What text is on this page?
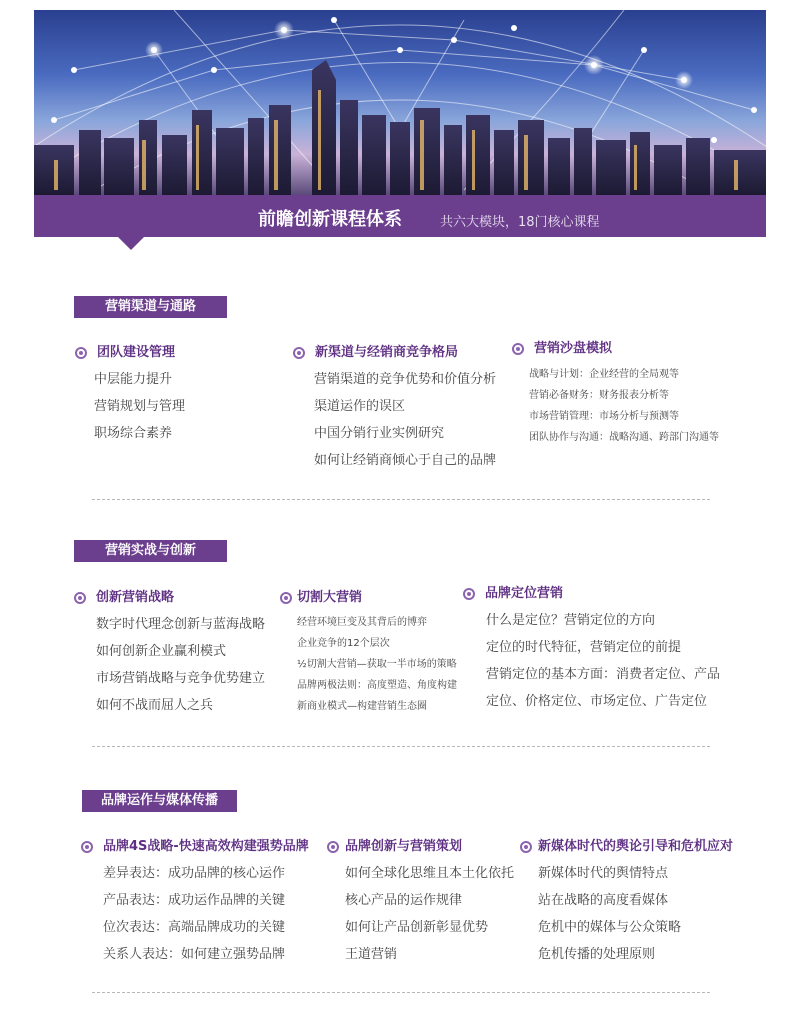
前瞻创新课程体系	共六大模块，18门核心课程
营销渠道与通路
团队建设管理
中层能力提升
营销规划与管理
职场综合素养
新渠道与经销商竞争格局
营销渠道的竞争优势和价值分析
渠道运作的误区
中国分销行业实例研究
如何让经销商倾心于自己的品牌
营销沙盘模拟
战略与计划：企业经营的全局观等
营销必备财务：财务报表分析等
市场营销管理：市场分析与预测等
团队协作与沟通：战略沟通、跨部门沟通等
营销实战与创新
创新营销战略
数字时代理念创新与蓝海战略
如何创新企业赢利模式
市场营销战略与竞争优势建立
如何不战而屈人之兵
切割大营销
经营环境巨变及其背后的博弈
企业竞争的12个层次
½切割大营销—获取一半市场的策略
品牌两极法则：高度塑造、角度构建
新商业模式—构建营销生态圈
品牌定位营销
什么是定位？营销定位的方向
定位的时代特征，营销定位的前提
营销定位的基本方面：消费者定位、产品
定位、价格定位、市场定位、广告定位
品牌运作与媒体传播
品牌4S战略-快速高效构建强势品牌
差异表达：成功品牌的核心运作
产品表达：成功运作品牌的关键
位次表达：高端品牌成功的关键
关系人表达：如何建立强势品牌
品牌创新与营销策划
如何全球化思维且本土化依托
核心产品的运作规律
如何让产品创新彰显优势
王道营销
新媒体时代的舆论引导和危机应对
新媒体时代的舆情特点
站在战略的高度看媒体
危机中的媒体与公众策略
危机传播的处理原则
